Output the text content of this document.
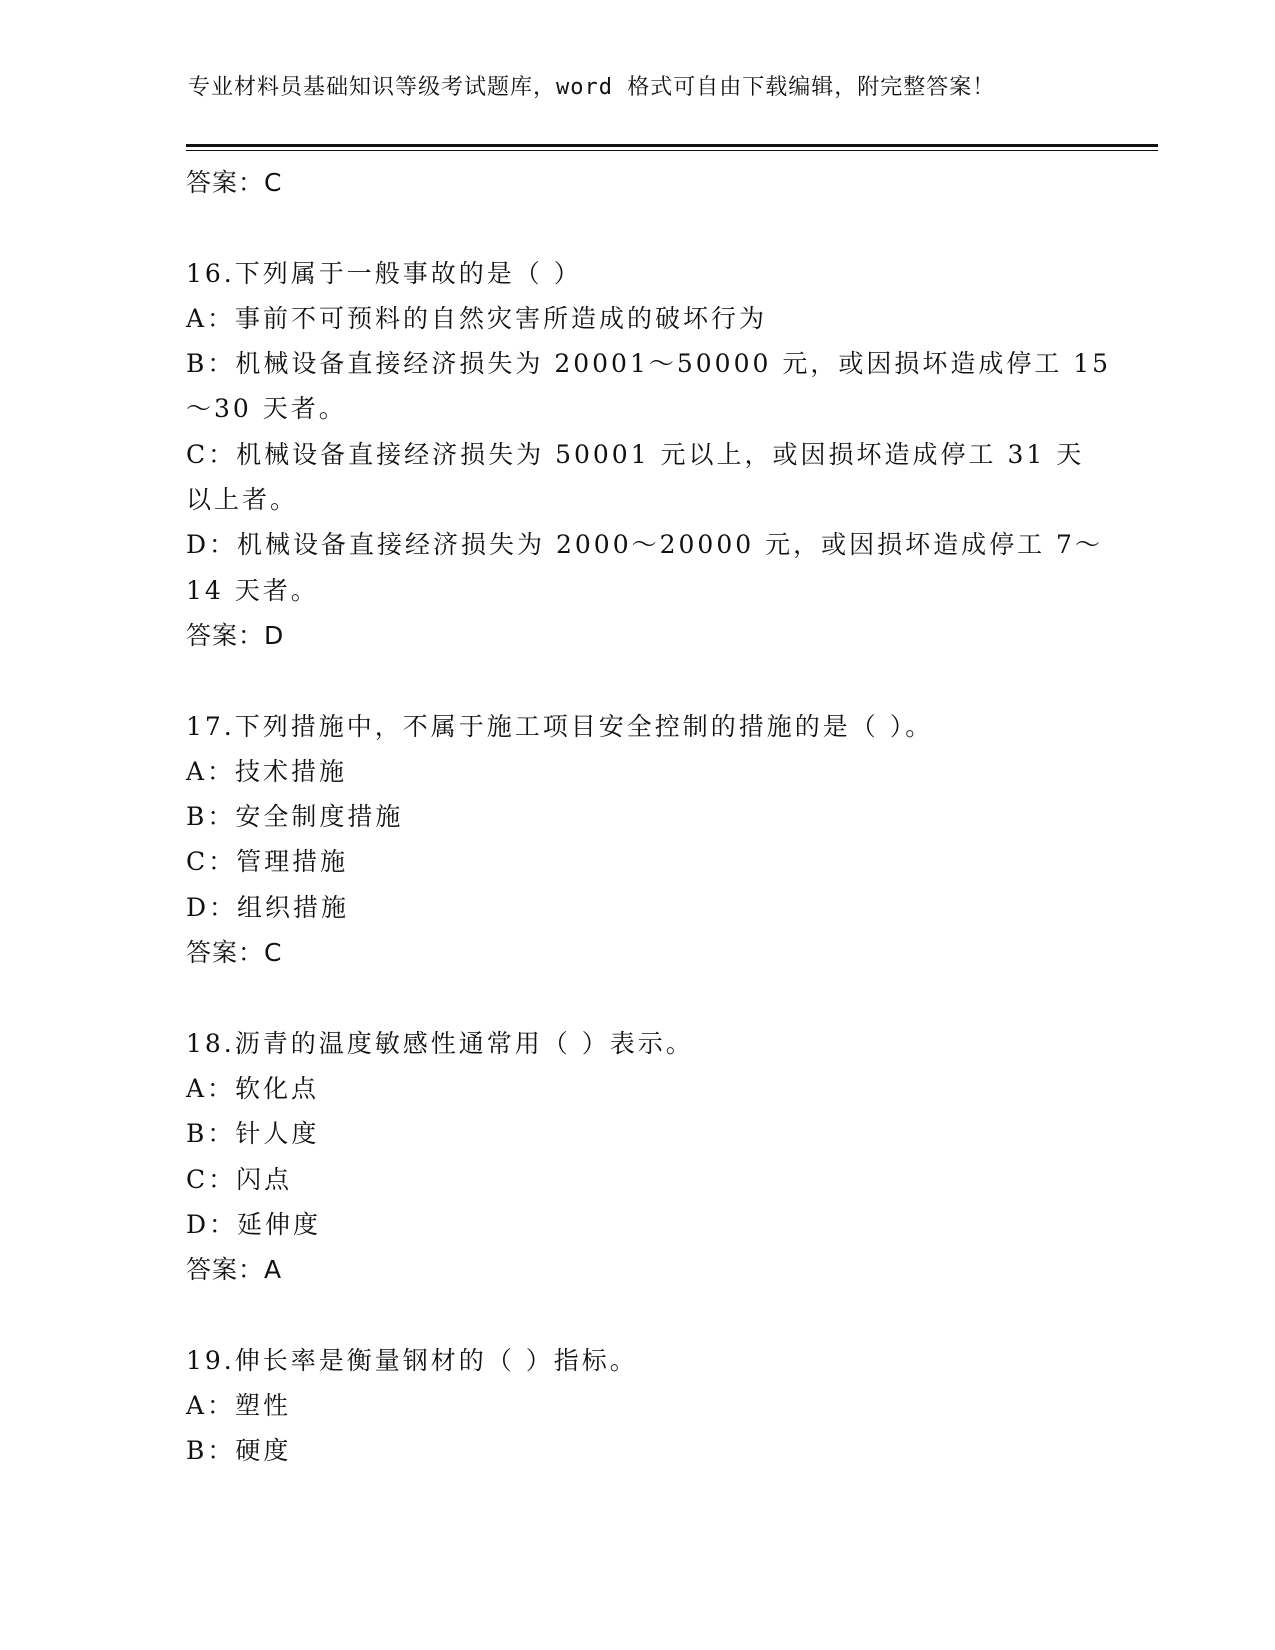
专业材料员基础知识等级考试题库，word 格式可自由下载编辑，附完整答案！
答案：C
16.下列属于一般事故的是（ ）
A：事前不可预料的自然灾害所造成的破坏行为
B：机械设备直接经济损失为 20001～50000 元，或因损坏造成停工 15
～30 天者。
C：机械设备直接经济损失为 50001 元以上，或因损坏造成停工 31 天
以上者。
D：机械设备直接经济损失为 2000～20000 元，或因损坏造成停工 7～
14 天者。
答案：D
17.下列措施中，不属于施工项目安全控制的措施的是（ ）。
A：技术措施
B：安全制度措施
C：管理措施
D：组织措施
答案：C
18.沥青的温度敏感性通常用（ ）表示。
A：软化点
B：针人度
C：闪点
D：延伸度
答案：A
19.伸长率是衡量钢材的（ ）指标。
A：塑性
B：硬度
